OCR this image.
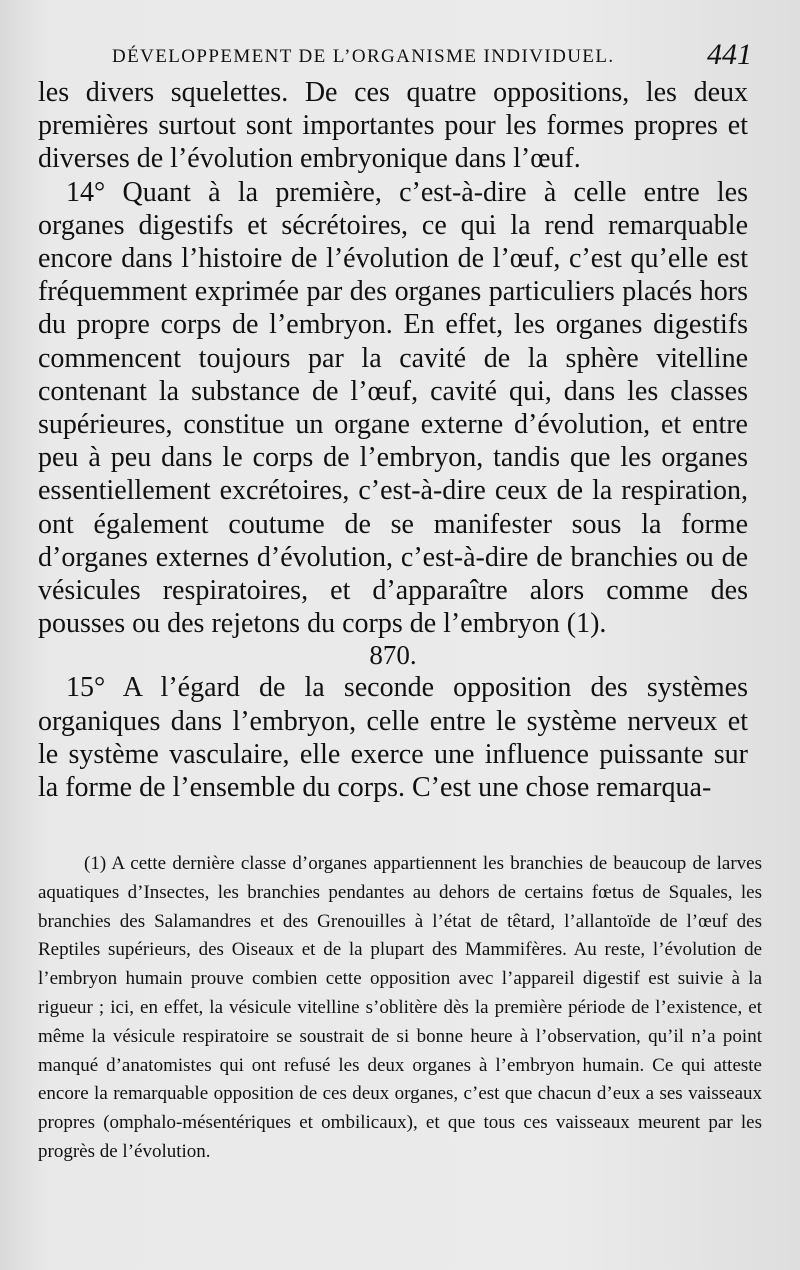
DÉVELOPPEMENT DE L’ORGANISME INDIVIDUEL.	441

les divers squelettes. De ces quatre oppositions, les deux premières surtout sont importantes pour les formes propres et diverses de l’évolution embryonique dans l’œuf.

14° Quant à la première, c’est-à-dire à celle entre les organes digestifs et sécrétoires, ce qui la rend remarquable encore dans l’histoire de l’évolution de l’œuf, c’est qu’elle est fréquemment exprimée par des organes particuliers placés hors du propre corps de l’embryon. En effet, les organes digestifs commencent toujours par la cavité de la sphère vitelline contenant la substance de l’œuf, cavité qui, dans les classes supérieures, constitue un organe externe d’évolution, et entre peu à peu dans le corps de l’embryon, tandis que les organes essentiellement excrétoires, c’est-à-dire ceux de la respiration, ont également coutume de se manifester sous la forme d’organes externes d’évolution, c’est-à-dire de branchies ou de vésicules respiratoires, et d’apparaître alors comme des pousses ou des rejetons du corps de l’embryon (1).

870.

15° A l’égard de la seconde opposition des systèmes organiques dans l’embryon, celle entre le système nerveux et le système vasculaire, elle exerce une influence puissante sur la forme de l’ensemble du corps. C’est une chose remarqua-

(1) A cette dernière classe d’organes appartiennent les branchies de beaucoup de larves aquatiques d’Insectes, les branchies pendantes au dehors de certains fœtus de Squales, les branchies des Salamandres et des Grenouilles à l’état de têtard, l’allantoïde de l’œuf des Reptiles supérieurs, des Oiseaux et de la plupart des Mammifères. Au reste, l’évolution de l’embryon humain prouve combien cette opposition avec l’appareil digestif est suivie à la rigueur ; ici, en effet, la vésicule vitelline s’oblitère dès la première période de l’existence, et même la vésicule respiratoire se soustrait de si bonne heure à l’observation, qu’il n’a point manqué d’anatomistes qui ont refusé les deux organes à l’embryon humain. Ce qui atteste encore la remarquable opposition de ces deux organes, c’est que chacun d’eux a ses vaisseaux propres (omphalo-mésentériques et ombilicaux), et que tous ces vaisseaux meurent par les progrès de l’évolution.
